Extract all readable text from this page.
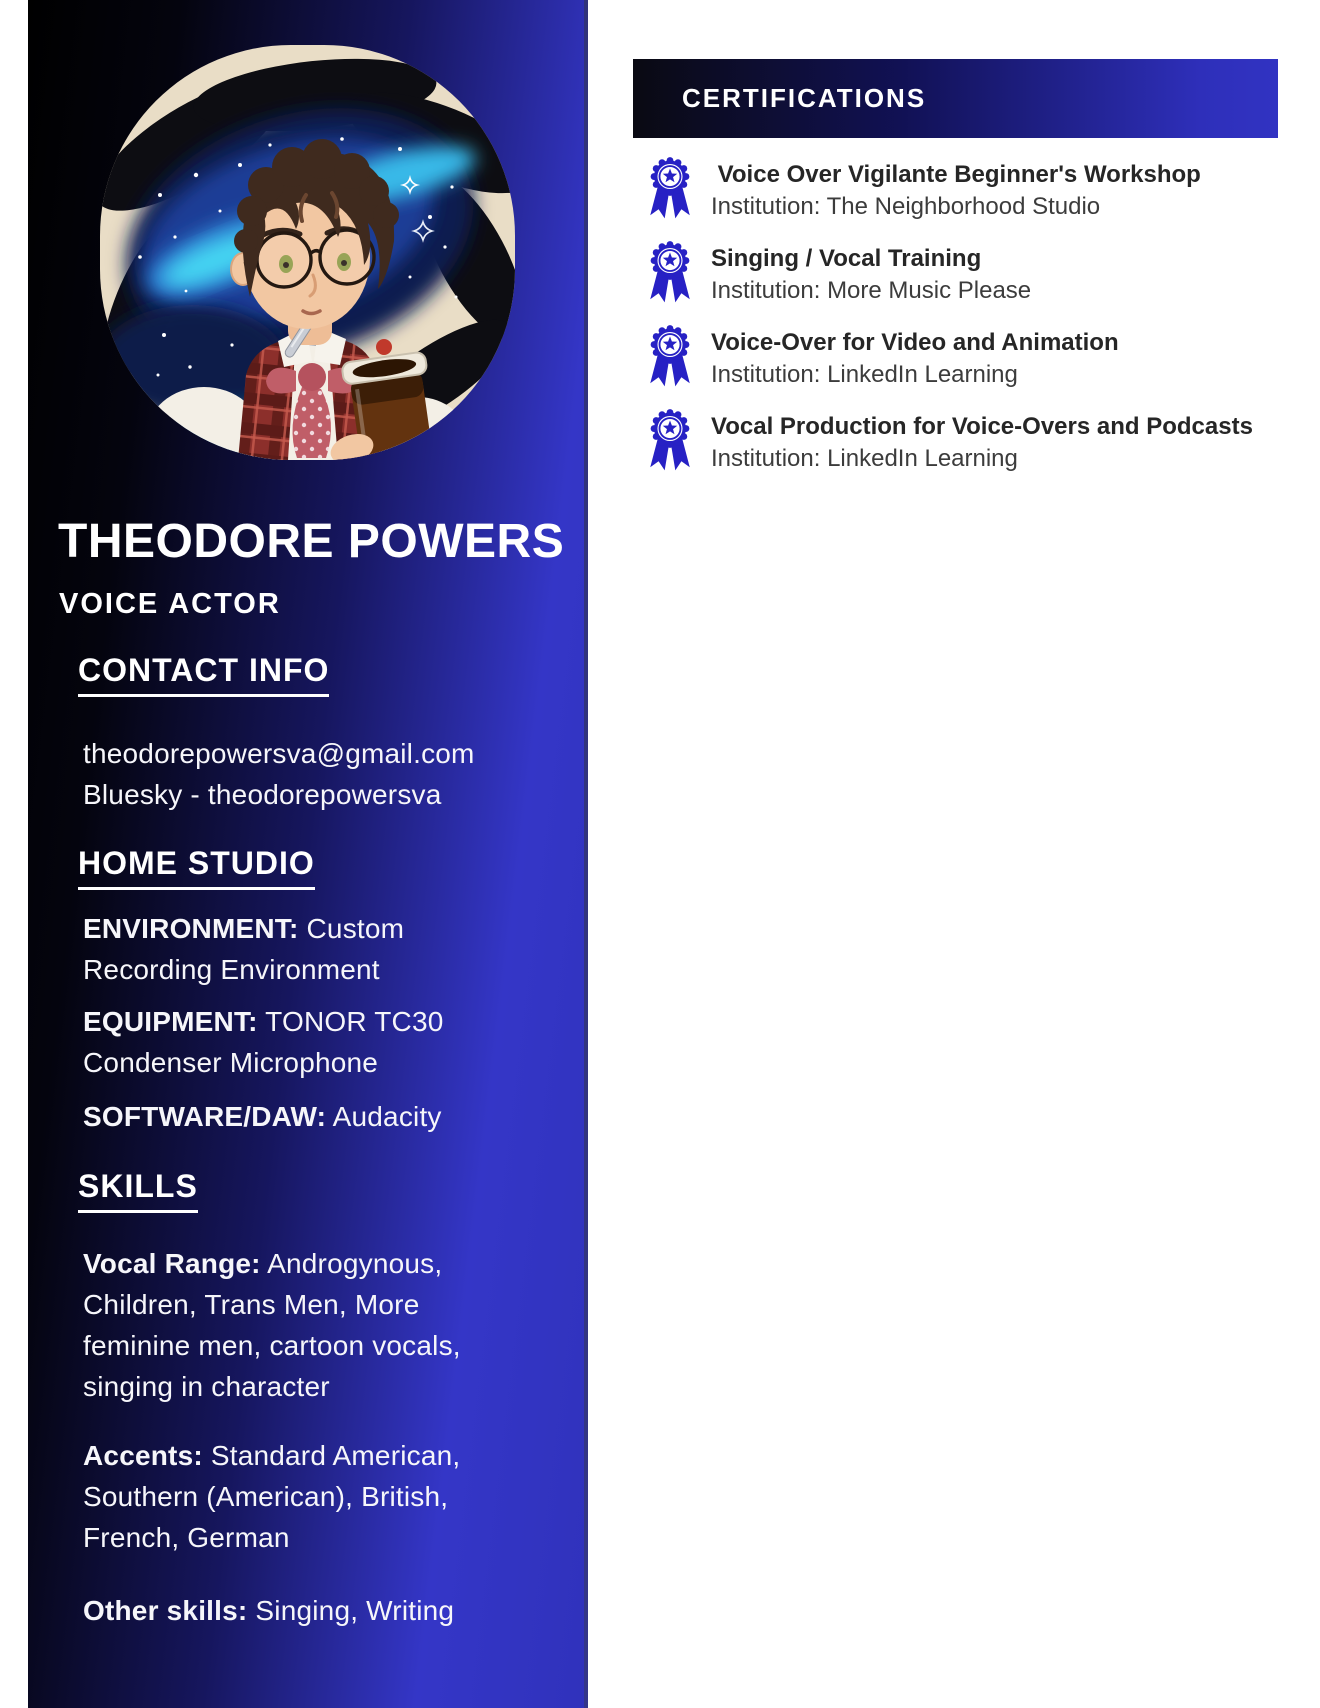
THEODORE POWERS
VOICE ACTOR
CONTACT INFO

theodorepowersva@gmail.com

Bluesky - theodorepowersva

HOME STUDIO

ENVIRONMENT: Custom Recording Environment

EQUIPMENT: TONOR TC30 Condenser Microphone

SOFTWARE/DAW: Audacity

SKILLS

Vocal Range: Androgynous, Children, Trans Men, More feminine men, cartoon vocals, singing in character

Accents: Standard American, Southern (American), British, French, German

Other skills: Singing, Writing

CERTIFICATIONS

Voice Over Vigilante Beginner's Workshop

Institution: The Neighborhood Studio

Singing / Vocal Training

Institution: More Music Please

Voice-Over for Video and Animation

Institution: LinkedIn Learning

Vocal Production for Voice-Overs and Podcasts

Institution: LinkedIn Learning
